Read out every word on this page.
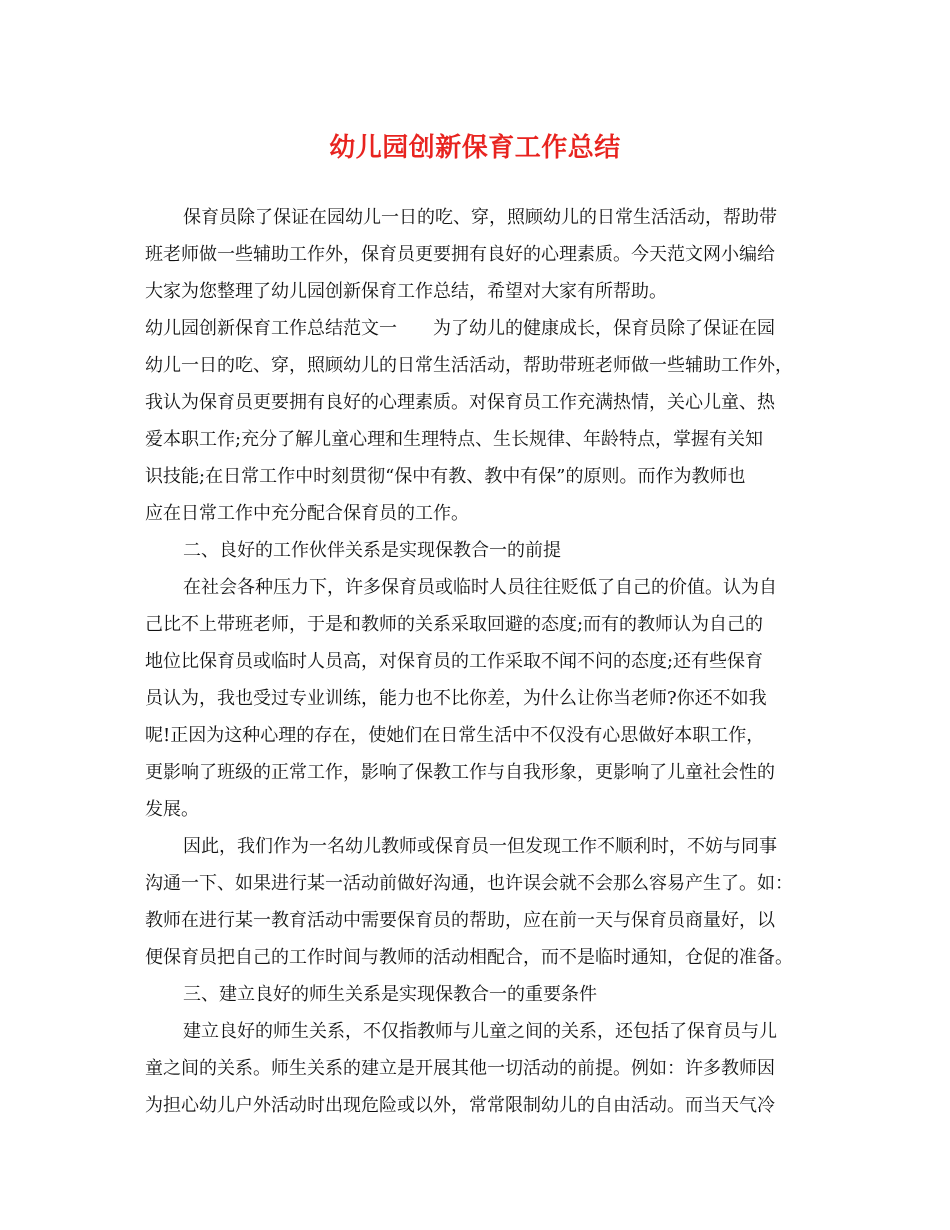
幼儿园创新保育工作总结
保育员除了保证在园幼儿一日的吃、穿，照顾幼儿的日常生活活动，帮助带
班老师做一些辅助工作外，保育员更要拥有良好的心理素质。今天范文网小编给
大家为您整理了幼儿园创新保育工作总结，希望对大家有所帮助。
幼儿园创新保育工作总结范文一　　为了幼儿的健康成长，保育员除了保证在园
幼儿一日的吃、穿，照顾幼儿的日常生活活动，帮助带班老师做一些辅助工作外，
我认为保育员更要拥有良好的心理素质。对保育员工作充满热情，关心儿童、热
爱本职工作;充分了解儿童心理和生理特点、生长规律、年龄特点，掌握有关知
识技能;在日常工作中时刻贯彻“保中有教、教中有保”的原则。而作为教师也
应在日常工作中充分配合保育员的工作。
二、良好的工作伙伴关系是实现保教合一的前提
在社会各种压力下，许多保育员或临时人员往往贬低了自己的价值。认为自
己比不上带班老师，于是和教师的关系采取回避的态度;而有的教师认为自己的
地位比保育员或临时人员高，对保育员的工作采取不闻不问的态度;还有些保育
员认为，我也受过专业训练，能力也不比你差，为什么让你当老师?你还不如我
呢!正因为这种心理的存在，使她们在日常生活中不仅没有心思做好本职工作，
更影响了班级的正常工作，影响了保教工作与自我形象，更影响了儿童社会性的
发展。
因此，我们作为一名幼儿教师或保育员一但发现工作不顺利时，不妨与同事
沟通一下、如果进行某一活动前做好沟通，也许误会就不会那么容易产生了。如：
教师在进行某一教育活动中需要保育员的帮助，应在前一天与保育员商量好，以
便保育员把自己的工作时间与教师的活动相配合，而不是临时通知，仓促的准备。
三、建立良好的师生关系是实现保教合一的重要条件
建立良好的师生关系，不仅指教师与儿童之间的关系，还包括了保育员与儿
童之间的关系。师生关系的建立是开展其他一切活动的前提。例如：许多教师因
为担心幼儿户外活动时出现危险或以外，常常限制幼儿的自由活动。而当天气冷
